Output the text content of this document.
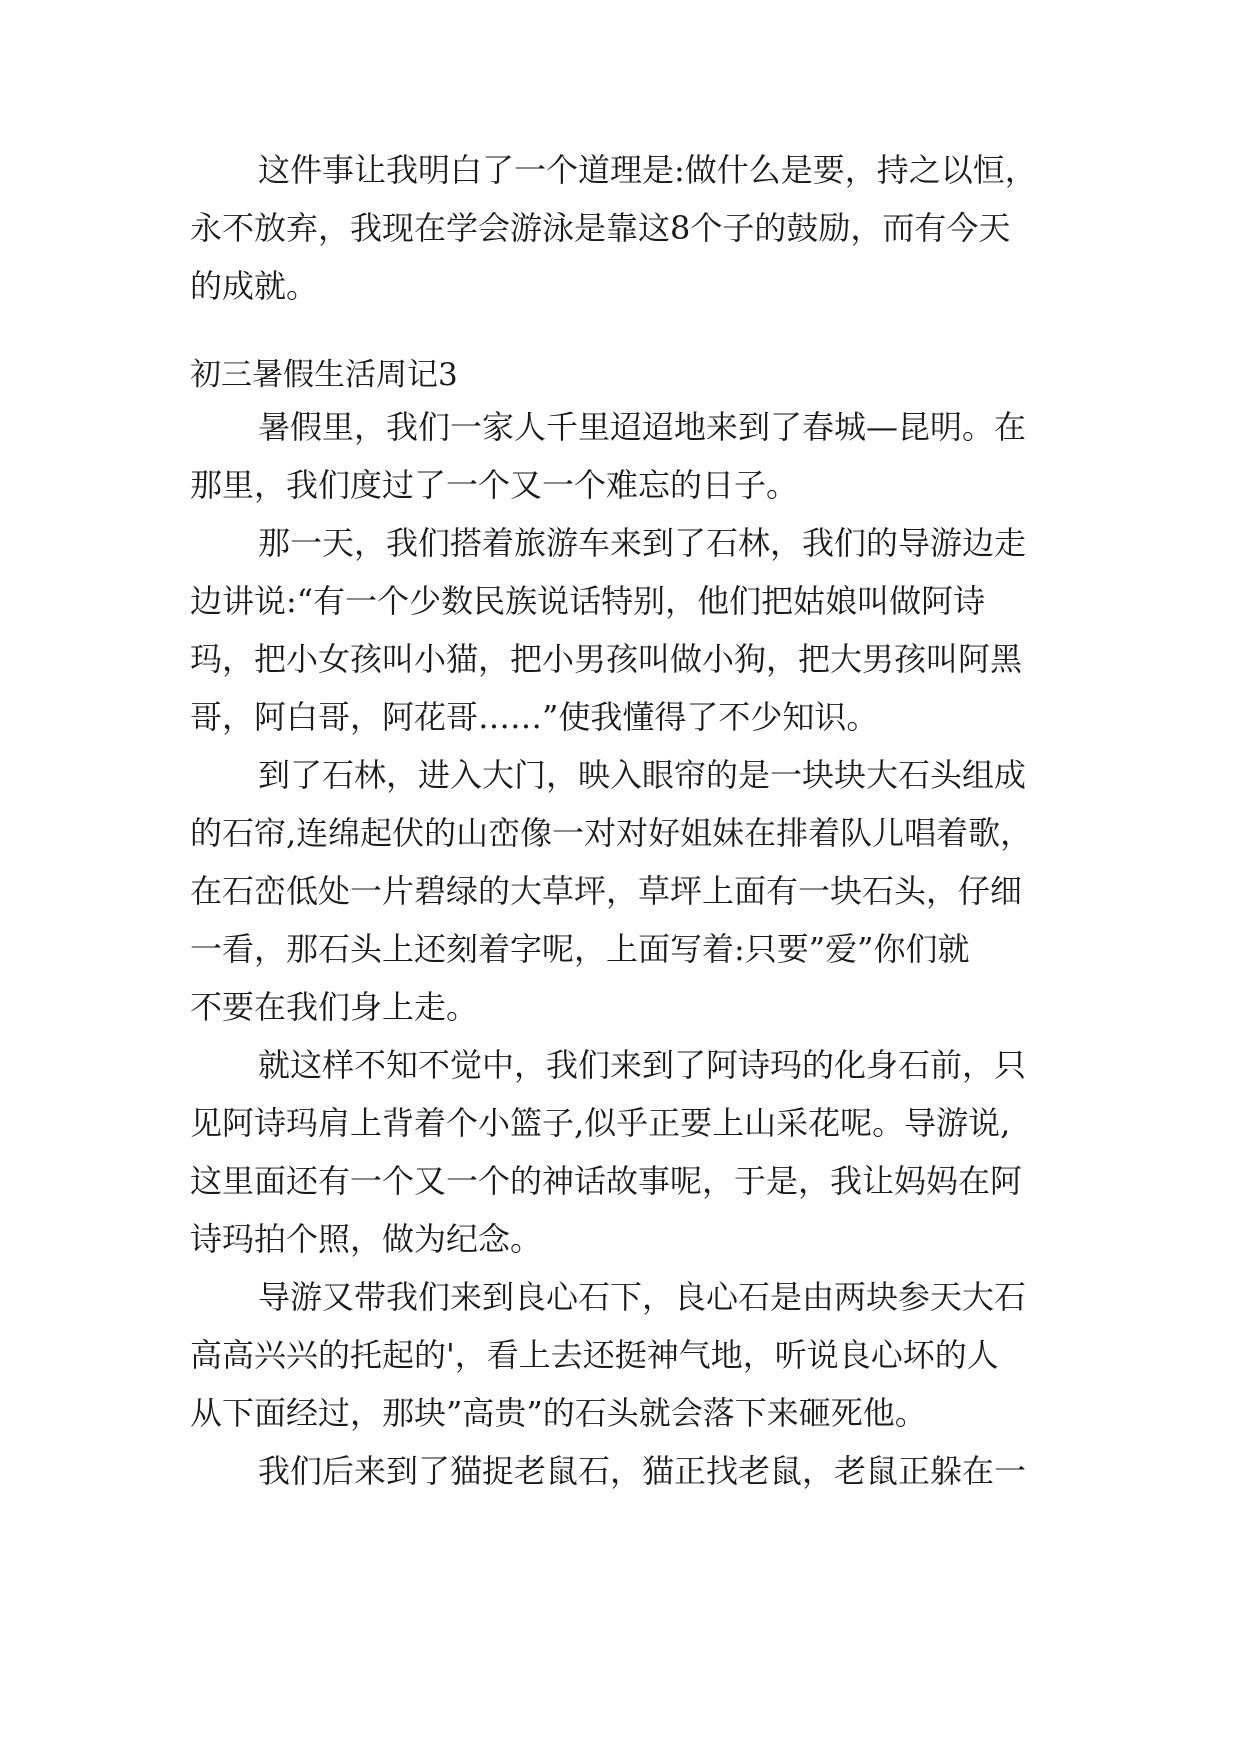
这件事让我明白了一个道理是:做什么是要，持之以恒，
永不放弃，我现在学会游泳是靠这8个子的鼓励，而有今天
的成就。
初三暑假生活周记3
暑假里，我们一家人千里迢迢地来到了春城—昆明。在
那里，我们度过了一个又一个难忘的日子。
那一天，我们搭着旅游车来到了石林，我们的导游边走
边讲说:“有一个少数民族说话特别，他们把姑娘叫做阿诗
玛，把小女孩叫小猫，把小男孩叫做小狗，把大男孩叫阿黑
哥，阿白哥，阿花哥……”使我懂得了不少知识。
到了石林，进入大门，映入眼帘的是一块块大石头组成
的石帘,连绵起伏的山峦像一对对好姐妹在排着队儿唱着歌，
在石峦低处一片碧绿的大草坪，草坪上面有一块石头，仔细
一看，那石头上还刻着字呢，上面写着:只要”爱”你们就
不要在我们身上走。
就这样不知不觉中，我们来到了阿诗玛的化身石前，只
见阿诗玛肩上背着个小篮子,似乎正要上山采花呢。导游说,
这里面还有一个又一个的神话故事呢，于是，我让妈妈在阿
诗玛拍个照，做为纪念。
导游又带我们来到良心石下，良心石是由两块参天大石
高高兴兴的托起的'，看上去还挺神气地，听说良心坏的人
从下面经过，那块”高贵”的石头就会落下来砸死他。
我们后来到了猫捉老鼠石，猫正找老鼠，老鼠正躲在一
